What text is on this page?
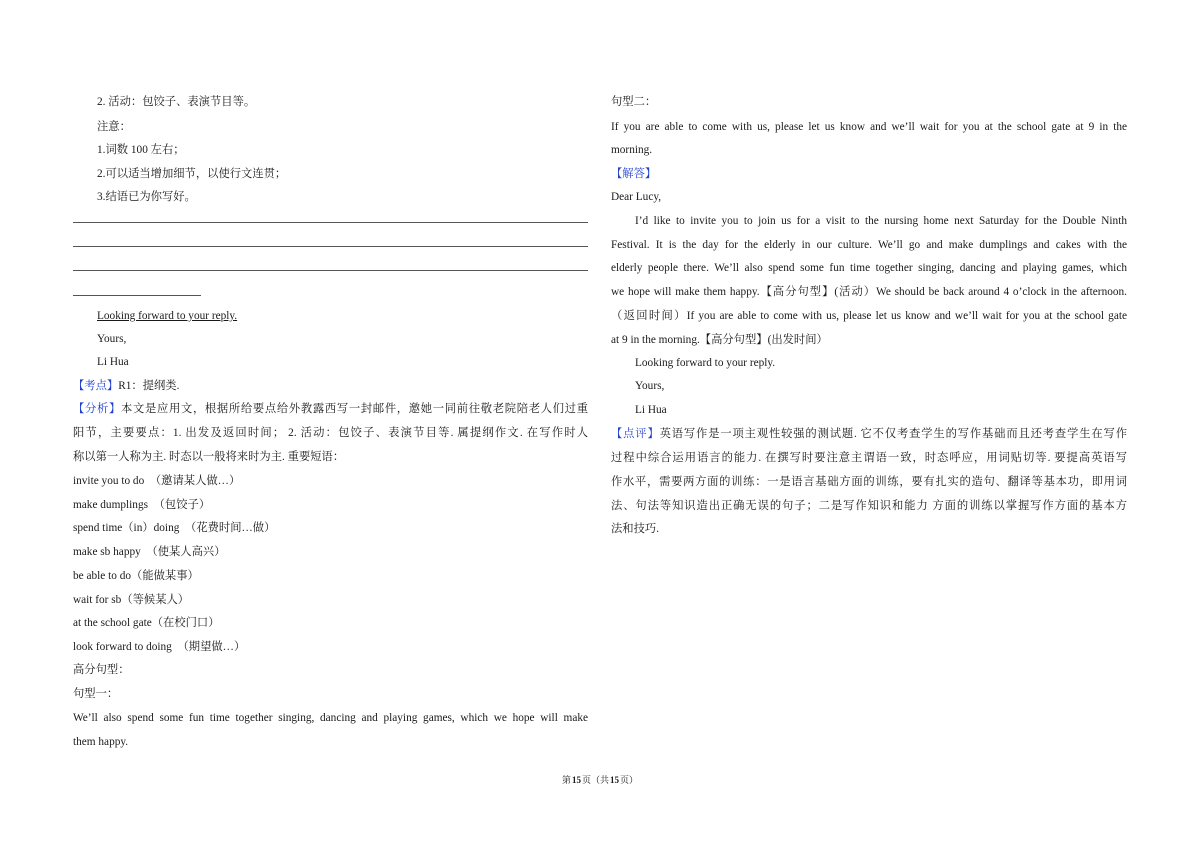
2. 活动：包饺子、表演节目等。
注意：
1.词数 100 左右；
2.可以适当增加细节，以使行文连贯；
3.结语已为你写好。
Looking forward to your reply.
Yours,
Li Hua
【考点】R1：提纲类.
【分析】本文是应用文，根据所给要点给外教露西写一封邮件，邀她一同前往敬老院陪老人们过重
阳节，主要要点：1. 出发及返回时间； 2. 活动：包饺子、表演节目等. 属提纲作文. 在写作时人
称以第一人称为主. 时态以一般将来时为主. 重要短语：
invite you to do  （邀请某人做…）
make dumplings  （包饺子）
spend time（in）doing  （花费时间…做）
make sb happy  （使某人高兴）
be able to do（能做某事）
wait for sb（等候某人）
at the school gate（在校门口）
look forward to doing  （期望做…）
高分句型：
句型一：
We’ll also spend some fun time together singing, dancing and playing games, which we hope will make
them happy.
句型二：
If you are able to come with us, please let us know and we’ll wait for you at the school gate at 9 in the
morning.
【解答】
Dear Lucy,
I’d like to invite you to join us for a visit to the nursing home next Saturday for the Double Ninth
Festival. It is the day for the elderly in our culture. We’ll go and make dumplings and cakes with the
elderly people there. We’ll also spend some fun time together singing, dancing and playing games, which
we hope will make them happy.【高分句型】(活动）We should be back around 4 o’clock in the afternoon.
（返回时间）If you are able to come with us, please let us know and we’ll wait for you at the school gate
at 9 in the morning.【高分句型】(出发时间）
Looking forward to your reply.
Yours,
Li Hua
【点评】英语写作是一项主观性较强的测试题. 它不仅考查学生的写作基础而且还考查学生在写作
过程中综合运用语言的能力. 在撰写时要注意主谓语一致，时态呼应，用词贴切等. 要提高英语写
作水平，需要两方面的训练：一是语言基础方面的训练，要有扎实的造句、翻译等基本功，即用词
法、句法等知识造出正确无误的句子；二是写作知识和能力 方面的训练以掌握写作方面的基本方
法和技巧.
第15页（共15页）
